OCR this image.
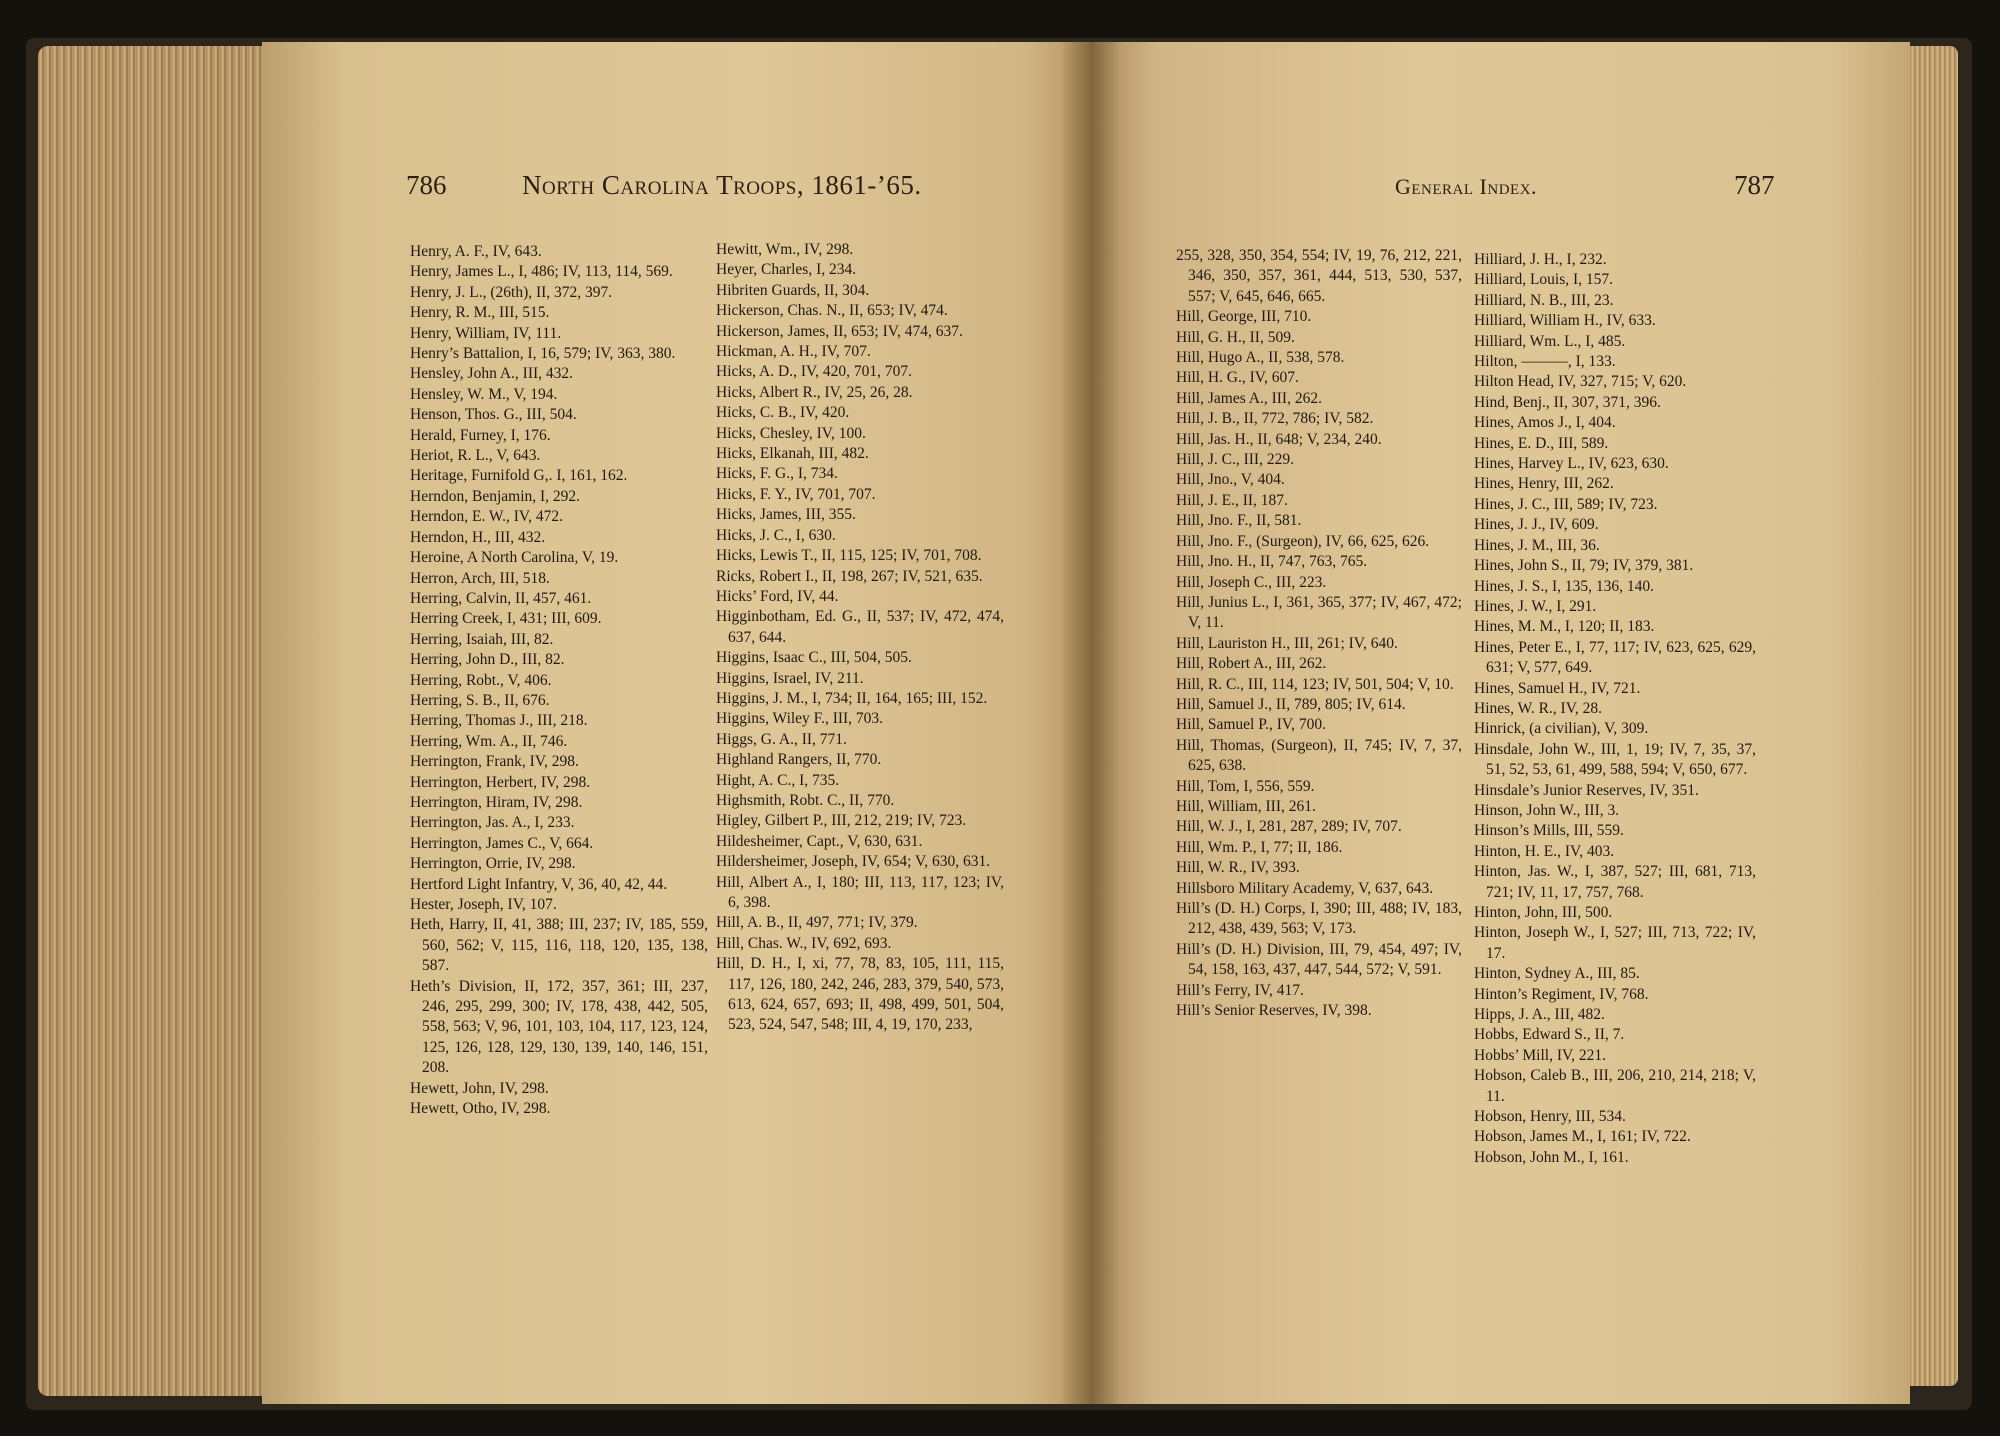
786	North Carolina Troops, 1861-’65.	General Index.	787
Henry, A. F., IV, 643.
Henry, James L., I, 486; IV, 113, 114, 569.
Henry, J. L., (26th), II, 372, 397.
Henry, R. M., III, 515.
Henry, William, IV, 111.
Henry’s Battalion, I, 16, 579; IV, 363, 380.
Hensley, John A., III, 432.
Hensley, W. M., V, 194.
Henson, Thos. G., III, 504.
Herald, Furney, I, 176.
Heriot, R. L., V, 643.
Heritage, Furnifold G,. I, 161, 162.
Herndon, Benjamin, I, 292.
Herndon, E. W., IV, 472.
Herndon, H., III, 432.
Heroine, A North Carolina, V, 19.
Herron, Arch, III, 518.
Herring, Calvin, II, 457, 461.
Herring Creek, I, 431; III, 609.
Herring, Isaiah, III, 82.
Herring, John D., III, 82.
Herring, Robt., V, 406.
Herring, S. B., II, 676.
Herring, Thomas J., III, 218.
Herring, Wm. A., II, 746.
Herrington, Frank, IV, 298.
Herrington, Herbert, IV, 298.
Herrington, Hiram, IV, 298.
Herrington, Jas. A., I, 233.
Herrington, James C., V, 664.
Herrington, Orrie, IV, 298.
Hertford Light Infantry, V, 36, 40, 42, 44.
Hester, Joseph, IV, 107.
Heth, Harry, II, 41, 388; III, 237; IV, 185, 559, 560, 562; V, 115, 116, 118, 120, 135, 138, 587.
Heth’s Division, II, 172, 357, 361; III, 237, 246, 295, 299, 300; IV, 178, 438, 442, 505, 558, 563; V, 96, 101, 103, 104, 117, 123, 124, 125, 126, 128, 129, 130, 139, 140, 146, 151, 208.
Hewett, John, IV, 298.
Hewett, Otho, IV, 298.
Hewitt, Wm., IV, 298.
Heyer, Charles, I, 234.
Hibriten Guards, II, 304.
Hickerson, Chas. N., II, 653; IV, 474.
Hickerson, James, II, 653; IV, 474, 637.
Hickman, A. H., IV, 707.
Hicks, A. D., IV, 420, 701, 707.
Hicks, Albert R., IV, 25, 26, 28.
Hicks, C. B., IV, 420.
Hicks, Chesley, IV, 100.
Hicks, Elkanah, III, 482.
Hicks, F. G., I, 734.
Hicks, F. Y., IV, 701, 707.
Hicks, James, III, 355.
Hicks, J. C., I, 630.
Hicks, Lewis T., II, 115, 125; IV, 701, 708.
Ricks, Robert I., II, 198, 267; IV, 521, 635.
Hicks’ Ford, IV, 44.
Higginbotham, Ed. G., II, 537; IV, 472, 474, 637, 644.
Higgins, Isaac C., III, 504, 505.
Higgins, Israel, IV, 211.
Higgins, J. M., I, 734; II, 164, 165; III, 152.
Higgins, Wiley F., III, 703.
Higgs, G. A., II, 771.
Highland Rangers, II, 770.
Hight, A. C., I, 735.
Highsmith, Robt. C., II, 770.
Higley, Gilbert P., III, 212, 219; IV, 723.
Hildesheimer, Capt., V, 630, 631.
Hildersheimer, Joseph, IV, 654; V, 630, 631.
Hill, Albert A., I, 180; III, 113, 117, 123; IV, 6, 398.
Hill, A. B., II, 497, 771; IV, 379.
Hill, Chas. W., IV, 692, 693.
Hill, D. H., I, xi, 77, 78, 83, 105, 111, 115, 117, 126, 180, 242, 246, 283, 379, 540, 573, 613, 624, 657, 693; II, 498, 499, 501, 504, 523, 524, 547, 548; III, 4, 19, 170, 233,
255, 328, 350, 354, 554; IV, 19, 76, 212, 221, 346, 350, 357, 361, 444, 513, 530, 537, 557; V, 645, 646, 665.
Hill, George, III, 710.
Hill, G. H., II, 509.
Hill, Hugo A., II, 538, 578.
Hill, H. G., IV, 607.
Hill, James A., III, 262.
Hill, J. B., II, 772, 786; IV, 582.
Hill, Jas. H., II, 648; V, 234, 240.
Hill, J. C., III, 229.
Hill, Jno., V, 404.
Hill, J. E., II, 187.
Hill, Jno. F., II, 581.
Hill, Jno. F., (Surgeon), IV, 66, 625, 626.
Hill, Jno. H., II, 747, 763, 765.
Hill, Joseph C., III, 223.
Hill, Junius L., I, 361, 365, 377; IV, 467, 472; V, 11.
Hill, Lauriston H., III, 261; IV, 640.
Hill, Robert A., III, 262.
Hill, R. C., III, 114, 123; IV, 501, 504; V, 10.
Hill, Samuel J., II, 789, 805; IV, 614.
Hill, Samuel P., IV, 700.
Hill, Thomas, (Surgeon), II, 745; IV, 7, 37, 625, 638.
Hill, Tom, I, 556, 559.
Hill, William, III, 261.
Hill, W. J., I, 281, 287, 289; IV, 707.
Hill, Wm. P., I, 77; II, 186.
Hill, W. R., IV, 393.
Hillsboro Military Academy, V, 637, 643.
Hill’s (D. H.) Corps, I, 390; III, 488; IV, 183, 212, 438, 439, 563; V, 173.
Hill’s (D. H.) Division, III, 79, 454, 497; IV, 54, 158, 163, 437, 447, 544, 572; V, 591.
Hill’s Ferry, IV, 417.
Hill’s Senior Reserves, IV, 398.
Hilliard, J. H., I, 232.
Hilliard, Louis, I, 157.
Hilliard, N. B., III, 23.
Hilliard, William H., IV, 633.
Hilliard, Wm. L., I, 485.
Hilton, ———, I, 133.
Hilton Head, IV, 327, 715; V, 620.
Hind, Benj., II, 307, 371, 396.
Hines, Amos J., I, 404.
Hines, E. D., III, 589.
Hines, Harvey L., IV, 623, 630.
Hines, Henry, III, 262.
Hines, J. C., III, 589; IV, 723.
Hines, J. J., IV, 609.
Hines, J. M., III, 36.
Hines, John S., II, 79; IV, 379, 381.
Hines, J. S., I, 135, 136, 140.
Hines, J. W., I, 291.
Hines, M. M., I, 120; II, 183.
Hines, Peter E., I, 77, 117; IV, 623, 625, 629, 631; V, 577, 649.
Hines, Samuel H., IV, 721.
Hines, W. R., IV, 28.
Hinrick, (a civilian), V, 309.
Hinsdale, John W., III, 1, 19; IV, 7, 35, 37, 51, 52, 53, 61, 499, 588, 594; V, 650, 677.
Hinsdale’s Junior Reserves, IV, 351.
Hinson, John W., III, 3.
Hinson’s Mills, III, 559.
Hinton, H. E., IV, 403.
Hinton, Jas. W., I, 387, 527; III, 681, 713, 721; IV, 11, 17, 757, 768.
Hinton, John, III, 500.
Hinton, Joseph W., I, 527; III, 713, 722; IV, 17.
Hinton, Sydney A., III, 85.
Hinton’s Regiment, IV, 768.
Hipps, J. A., III, 482.
Hobbs, Edward S., II, 7.
Hobbs’ Mill, IV, 221.
Hobson, Caleb B., III, 206, 210, 214, 218; V, 11.
Hobson, Henry, III, 534.
Hobson, James M., I, 161; IV, 722.
Hobson, John M., I, 161.
